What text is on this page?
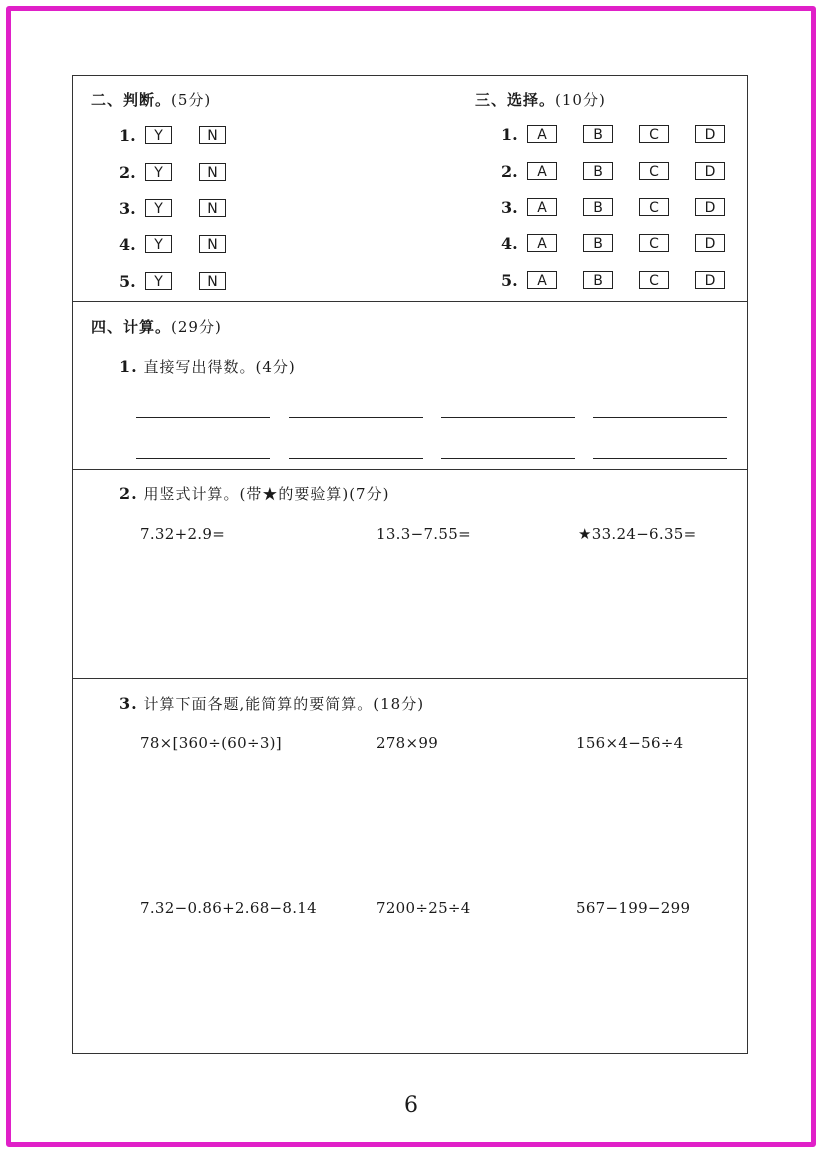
二、判断。(5分)
1.	Y	N
2.	Y	N
3.	Y	N
4.	Y	N
5.	Y	N
三、选择。(10分)
1.	A	B	C	D
2.	A	B	C	D
3.	A	B	C	D
4.	A	B	C	D
5.	A	B	C	D
四、计算。(29分)
1. 直接写出得数。(4分)
2. 用竖式计算。(带★的要验算)(7分)
7.32+2.9=	13.3−7.55=	★33.24−6.35=
3. 计算下面各题,能简算的要简算。(18分)
78×[360÷(60÷3)]	278×99	156×4−56÷4
7.32−0.86+2.68−8.14	7200÷25÷4	567−199−299
6
